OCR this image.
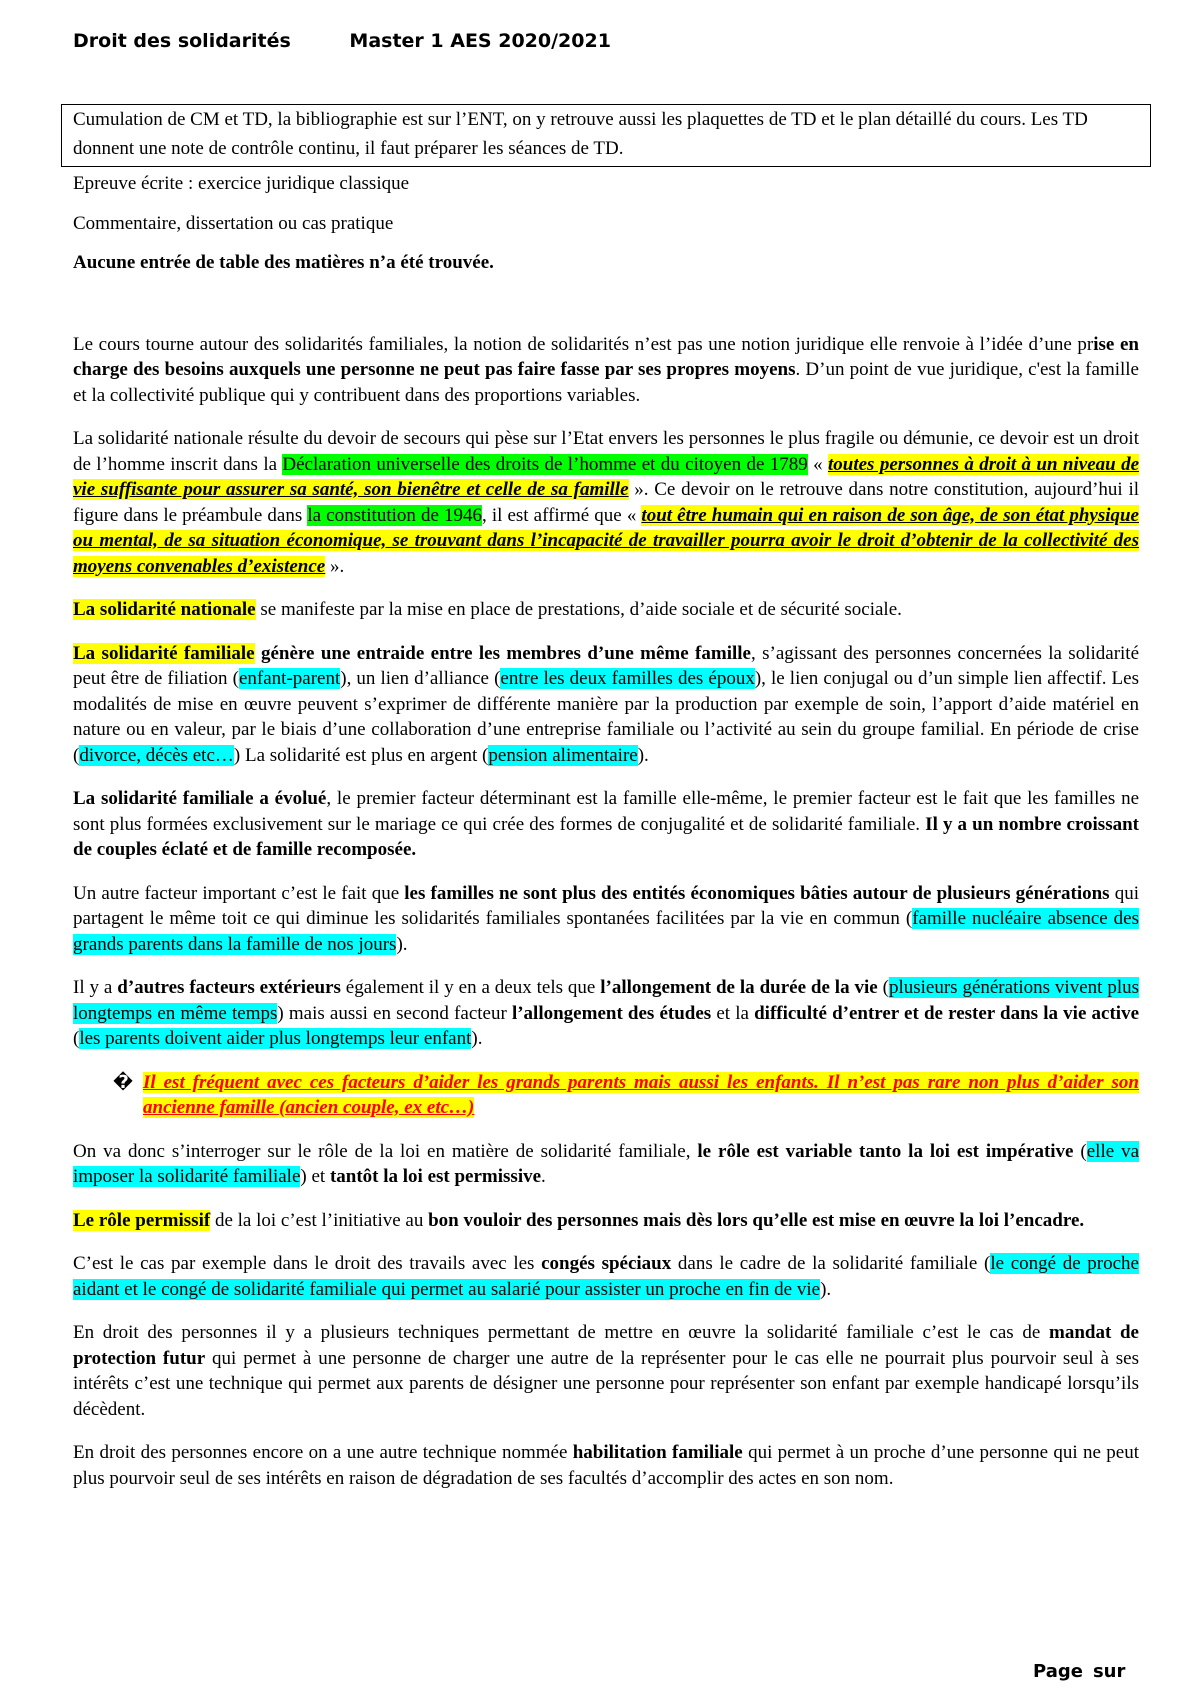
Droit des solidarités	Master 1 AES 2020/2021
Cumulation de CM et TD, la bibliographie est sur l’ENT, on y retrouve aussi les plaquettes de TD et le plan détaillé du cours. Les TD donnent une note de contrôle continu, il faut préparer les séances de TD.

Epreuve écrite : exercice juridique classique

Commentaire, dissertation ou cas pratique

Aucune entrée de table des matières n’a été trouvée.

Le cours tourne autour des solidarités familiales, la notion de solidarités n’est pas une notion juridique elle renvoie à l’idée d’une prise en charge des besoins auxquels une personne ne peut pas faire fasse par ses propres moyens. D’un point de vue juridique, c'est la famille et la collectivité publique qui y contribuent dans des proportions variables.

La solidarité nationale résulte du devoir de secours qui pèse sur l’Etat envers les personnes le plus fragile ou démunie, ce devoir est un droit de l’homme inscrit dans la Déclaration universelle des droits de l’homme et du citoyen de 1789 « toutes personnes à droit à un niveau de vie suffisante pour assurer sa santé, son bienêtre et celle de sa famille ». Ce devoir on le retrouve dans notre constitution, aujourd’hui il figure dans le préambule dans la constitution de 1946, il est affirmé que « tout être humain qui en raison de son âge, de son état physique ou mental, de sa situation économique, se trouvant dans l’incapacité de travailler pourra avoir le droit d’obtenir de la collectivité des moyens convenables d’existence ».

La solidarité nationale se manifeste par la mise en place de prestations, d’aide sociale et de sécurité sociale.

La solidarité familiale génère une entraide entre les membres d’une même famille, s’agissant des personnes concernées la solidarité peut être de filiation (enfant-parent), un lien d’alliance (entre les deux familles des époux), le lien conjugal ou d’un simple lien affectif. Les modalités de mise en œuvre peuvent s’exprimer de différente manière par la production par exemple de soin, l’apport d’aide matériel en nature ou en valeur, par le biais d’une collaboration d’une entreprise familiale ou l’activité au sein du groupe familial. En période de crise (divorce, décès etc…) La solidarité est plus en argent (pension alimentaire).

La solidarité familiale a évolué, le premier facteur déterminant est la famille elle-même, le premier facteur est le fait que les familles ne sont plus formées exclusivement sur le mariage ce qui crée des formes de conjugalité et de solidarité familiale. Il y a un nombre croissant de couples éclaté et de famille recomposée.

Un autre facteur important c’est le fait que les familles ne sont plus des entités économiques bâties autour de plusieurs générations qui partagent le même toit ce qui diminue les solidarités familiales spontanées facilitées par la vie en commun (famille nucléaire absence des grands parents dans la famille de nos jours).

Il y a d’autres facteurs extérieurs également il y en a deux tels que l’allongement de la durée de la vie (plusieurs générations vivent plus longtemps en même temps) mais aussi en second facteur l’allongement des études et la difficulté d’entrer et de rester dans la vie active (les parents doivent aider plus longtemps leur enfant).

� Il est fréquent avec ces facteurs d’aider les grands parents mais aussi les enfants. Il n’est pas rare non plus d’aider son ancienne famille (ancien couple, ex etc…)

On va donc s’interroger sur le rôle de la loi en matière de solidarité familiale, le rôle est variable tanto la loi est impérative (elle va imposer la solidarité familiale) et tantôt la loi est permissive.

Le rôle permissif de la loi c’est l’initiative au bon vouloir des personnes mais dès lors qu’elle est mise en œuvre la loi l’encadre.

C’est le cas par exemple dans le droit des travails avec les congés spéciaux dans le cadre de la solidarité familiale (le congé de proche aidant et le congé de solidarité familiale qui permet au salarié pour assister un proche en fin de vie).

En droit des personnes il y a plusieurs techniques permettant de mettre en œuvre la solidarité familiale c’est le cas de mandat de protection futur qui permet à une personne de charger une autre de la représenter pour le cas elle ne pourrait plus pourvoir seul à ses intérêts c’est une technique qui permet aux parents de désigner une personne pour représenter son enfant par exemple handicapé lorsqu’ils décèdent.

En droit des personnes encore on a une autre technique nommée habilitation familiale qui permet à un proche d’une personne qui ne peut plus pourvoir seul de ses intérêts en raison de dégradation de ses facultés d’accomplir des actes en son nom.

Page sur
